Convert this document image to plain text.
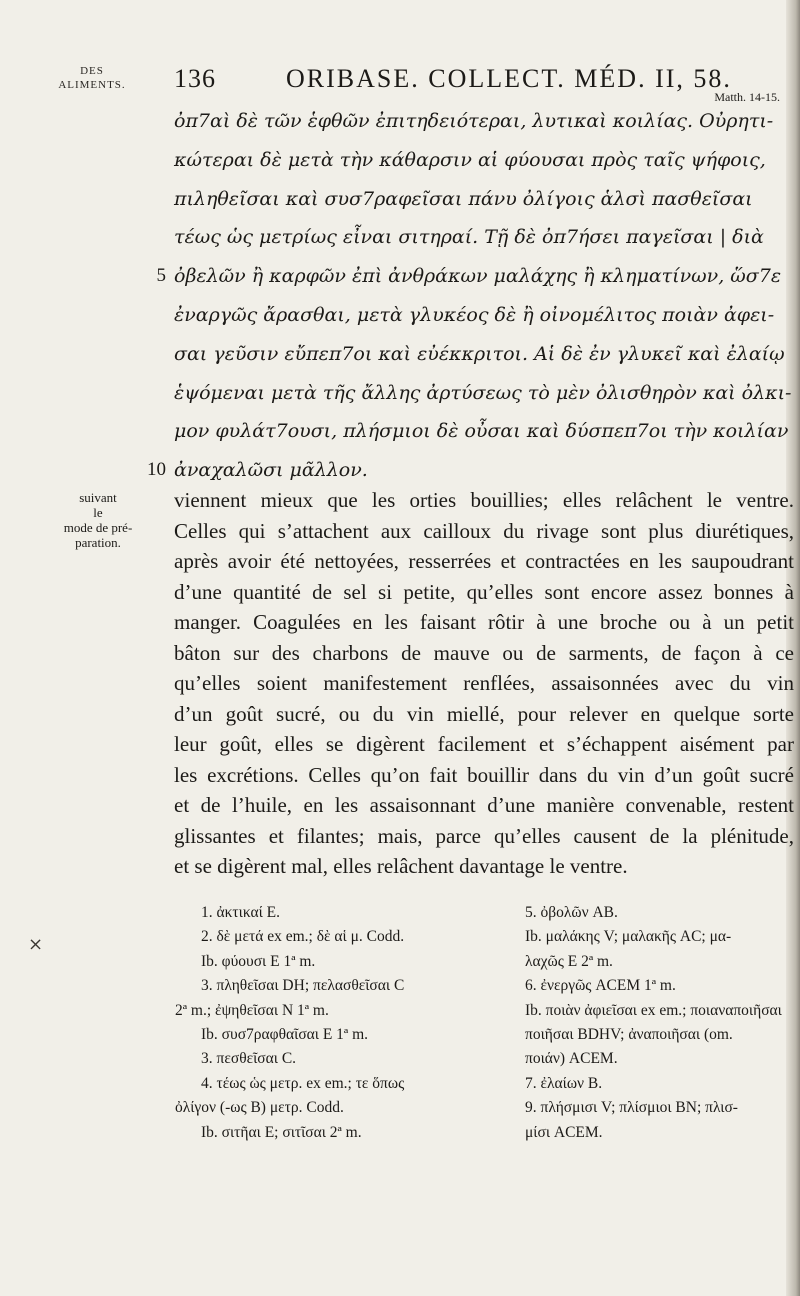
DES
ALIMENTS. 136	ORIBASE. COLLECT. MÉD. II, 58.
Matth. 14-15.
ὀπ7αὶ δὲ τῶν ἑφθῶν ἐπιτηδειότεραι, λυτικαὶ κοιλίας. Οὐρητι-
κώτεραι δὲ μετὰ τὴν κάθαρσιν αἱ φύουσαι πρὸς ταῖς ψήφοις,
πιληθεῖσαι καὶ συσ7ραφεῖσαι πάνυ ὀλίγοις ἁλσὶ πασθεῖσαι
τέως ὡς μετρίως εἶναι σιτηραί. Τῇ δὲ ὀπ7ήσει παγεῖσαι | διὰ
5 ὀβελῶν ἢ καρφῶν ἐπὶ ἀνθράκων μαλάχης ἢ κληματίνων, ὥσ7ε
ἐναργῶς ἄρασθαι, μετὰ γλυκέος δὲ ἢ οἰνομέλιτος ποιὰν ἀφει-
σαι γεῦσιν εὔπεπ7οι καὶ εὐέκκριτοι. Αἱ δὲ ἐν γλυκεῖ καὶ ἐλαίῳ
ἑψόμεναι μετὰ τῆς ἄλλης ἀρτύσεως τὸ μὲν ὀλισθηρὸν καὶ ὀλκι-
μον φυλάτ7ουσι, πλήσμιοι δὲ οὖσαι καὶ δύσπεπ7οι τὴν κοιλίαν
10 ἀναχαλῶσι μᾶλλον.
suivant
le
mode de pré-
paration.
viennent mieux que les orties bouillies; elles relâchent le ventre.
Celles qui s’attachent aux cailloux du rivage sont plus diurétiques,
après avoir été nettoyées, resserrées et contractées en les saupoudrant
d’une quantité de sel si petite, qu’elles sont encore assez bonnes à
manger. Coagulées en les faisant rôtir à une broche ou à un petit
bâton sur des charbons de mauve ou de sarments, de façon à ce
qu’elles soient manifestement renflées, assaisonnées avec du vin
d’un goût sucré, ou du vin miellé, pour relever en quelque sorte
leur goût, elles se digèrent facilement et s’échappent aisément par
les excrétions. Celles qu’on fait bouillir dans du vin d’un goût sucré
et de l’huile, en les assaisonnant d’une manière convenable, restent
glissantes et filantes; mais, parce qu’elles causent de la plénitude,
et se digèrent mal, elles relâchent davantage le ventre.
×
1. ἀκτικαί E.
2. δὲ μετά ex em.; δὲ αἱ μ. Codd.
Ib. φύουσι E 1ª m.
3. πληθεῖσαι DH; πελασθεῖσαι C
2ª m.; ἐψηθεῖσαι N 1ª m.
Ib. συσ7ραφθαῖσαι E 1ª m.
3. πεσθεῖσαι C.
4. τέως ὡς μετρ. ex em.; τε ὅπως
ὀλίγον (-ως B) μετρ. Codd.
Ib. σιτῆαι E; σιτῖσαι 2ª m.
5. ὀβολῶν AB.
Ib. μαλάκης V; μαλακῆς AC; μα-
λαχῶς E 2ª m.
6. ἐνεργῶς ACEM 1ª m.
Ib. ποιὰν ἀφιεῖσαι ex em.; ποιαναποιῆσαι
ποιῆσαι BDHV; ἀναποιῆσαι (om.
ποιάν) ACEM.
7. ἐλαίων B.
9. πλήσμισι V; πλίσμιοι BN; πλισ-
μίσι ACEM.
